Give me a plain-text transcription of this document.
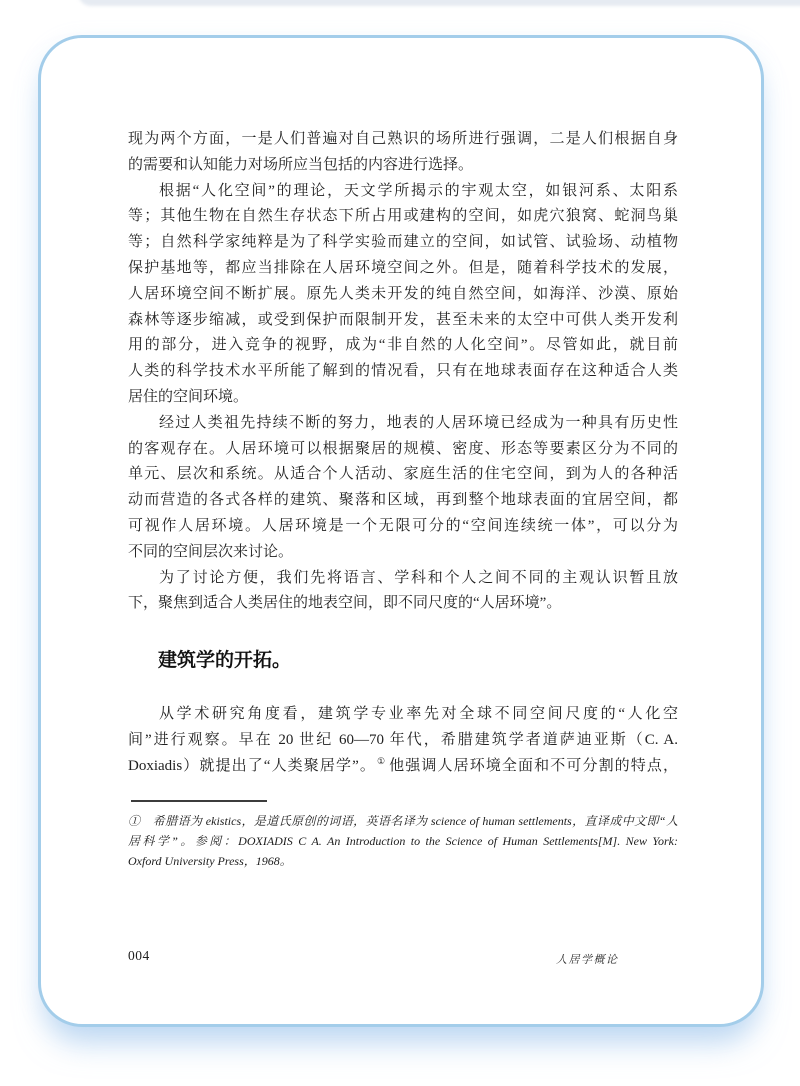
现为两个方面，一是人们普遍对自己熟识的场所进行强调，二是人们根据自身
的需要和认知能力对场所应当包括的内容进行选择。
根据“人化空间”的理论，天文学所揭示的宇观太空，如银河系、太阳系
等；其他生物在自然生存状态下所占用或建构的空间，如虎穴狼窝、蛇洞鸟巢
等；自然科学家纯粹是为了科学实验而建立的空间，如试管、试验场、动植物
保护基地等，都应当排除在人居环境空间之外。但是，随着科学技术的发展，
人居环境空间不断扩展。原先人类未开发的纯自然空间，如海洋、沙漠、原始
森林等逐步缩减，或受到保护而限制开发，甚至未来的太空中可供人类开发利
用的部分，进入竞争的视野，成为“非自然的人化空间”。尽管如此，就目前
人类的科学技术水平所能了解到的情况看，只有在地球表面存在这种适合人类
居住的空间环境。
经过人类祖先持续不断的努力，地表的人居环境已经成为一种具有历史性
的客观存在。人居环境可以根据聚居的规模、密度、形态等要素区分为不同的
单元、层次和系统。从适合个人活动、家庭生活的住宅空间，到为人的各种活
动而营造的各式各样的建筑、聚落和区域，再到整个地球表面的宜居空间，都
可视作人居环境。人居环境是一个无限可分的“空间连续统一体”，可以分为
不同的空间层次来讨论。
为了讨论方便，我们先将语言、学科和个人之间不同的主观认识暂且放
下，聚焦到适合人类居住的地表空间，即不同尺度的“人居环境”。
建筑学的开拓。
从学术研究角度看，建筑学专业率先对全球不同空间尺度的“人化空
间”进行观察。早在 20 世纪 60—70 年代，希腊建筑学者道萨迪亚斯（C. A.
Doxiadis）就提出了“人类聚居学”。① 他强调人居环境全面和不可分割的特点，
①　希腊语为 ekistics，是道氏原创的词语，英语名译为 science of human settlements，直译成中文即“人
居科学”。参阅：DOXIADIS C A. An Introduction to the Science of Human Settlements[M]. New York:
Oxford University Press，1968。
004	人居学概论
